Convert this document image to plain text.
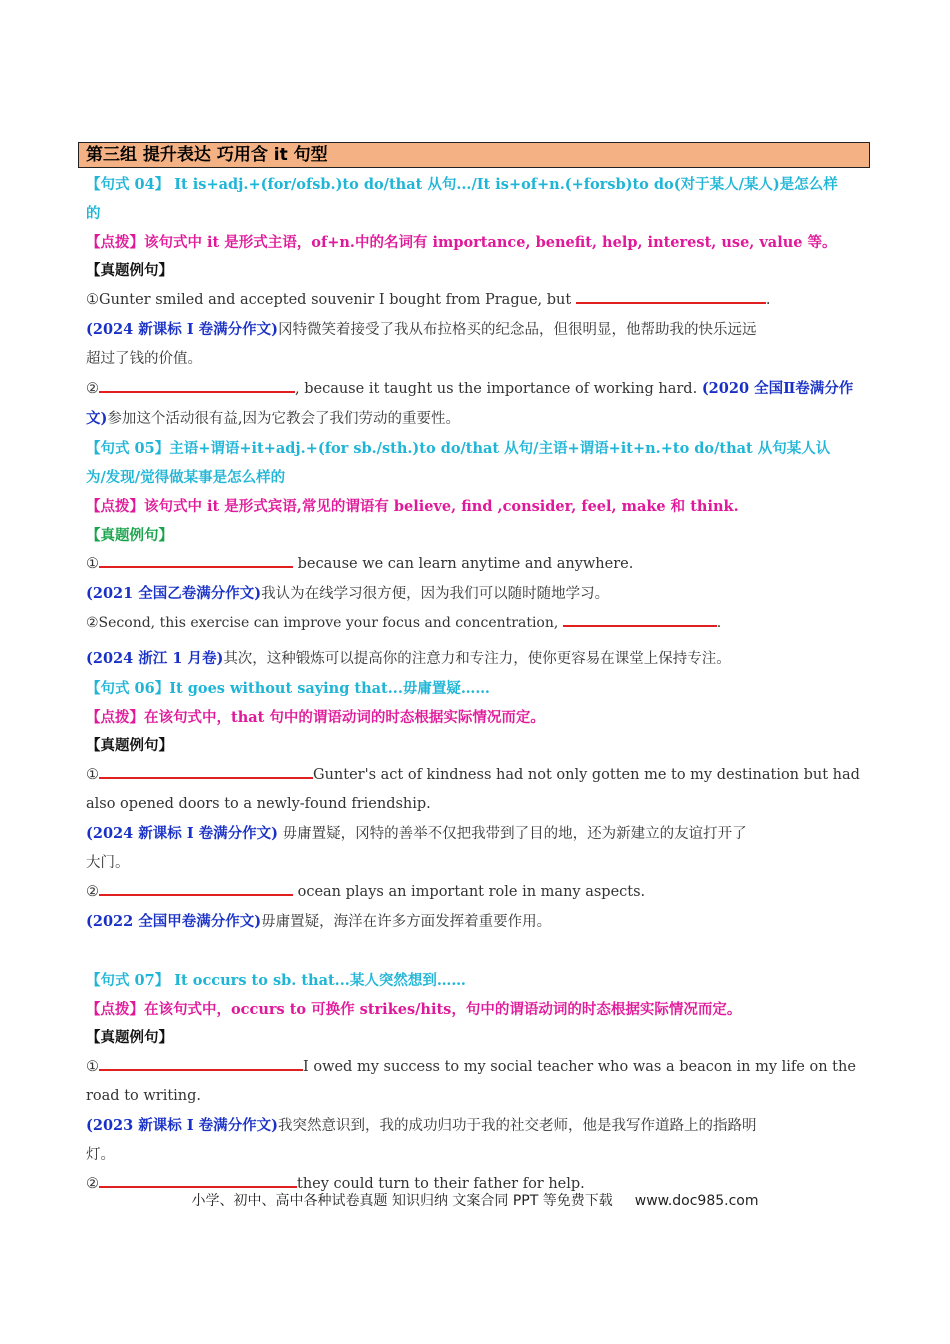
第三组 提升表达 巧用含 it 句型
【句式 04】 It is+adj.+(for/ofsb.)to do/that 从句.../It is+of+n.(+forsb)to do(对于某人/某人)是怎么样
的
【点拨】该句式中 it 是形式主语，of+n.中的名词有 importance, benefit, help, interest, use, value 等。
【真题例句】
①Gunter smiled and accepted souvenir I bought from Prague, but	.
(2024 新课标 I 卷满分作文)冈特微笑着接受了我从布拉格买的纪念品，但很明显，他帮助我的快乐远远
超过了钱的价值。
②	, because it taught us the importance of working hard. (2020 全国Ⅱ卷满分作
文)参加这个活动很有益,因为它教会了我们劳动的重要性。
【句式 05】主语+谓语+it+adj.+(for sb./sth.)to do/that 从句/主语+谓语+it+n.+to do/that 从句某人认
为/发现/觉得做某事是怎么样的
【点拨】该句式中 it 是形式宾语,常见的谓语有 believe, find ,consider, feel, make 和 think.
【真题例句】
①	because we can learn anytime and anywhere.
(2021 全国乙卷满分作文)我认为在线学习很方便，因为我们可以随时随地学习。
②Second, this exercise can improve your focus and concentration,	.
(2024 浙江 1 月卷)其次，这种锻炼可以提高你的注意力和专注力，使你更容易在课堂上保持专注。
【句式 06】It goes without saying that...毋庸置疑……
【点拨】在该句式中，that 句中的谓语动词的时态根据实际情况而定。
【真题例句】
①	Gunter's act of kindness had not only gotten me to my destination but had
also opened doors to a newly-found friendship.
(2024 新课标 I 卷满分作文) 毋庸置疑，冈特的善举不仅把我带到了目的地，还为新建立的友谊打开了
大门。
②	ocean plays an important role in many aspects.
(2022 全国甲卷满分作文)毋庸置疑，海洋在许多方面发挥着重要作用。
【句式 07】 It occurs to sb. that...某人突然想到……
【点拨】在该句式中，occurs to 可换作 strikes/hits，句中的谓语动词的时态根据实际情况而定。
【真题例句】
①	I owed my success to my social teacher who was a beacon in my life on the
road to writing.
(2023 新课标 I 卷满分作文)我突然意识到，我的成功归功于我的社交老师，他是我写作道路上的指路明
灯。
②	they could turn to their father for help.
小学、初中、高中各种试卷真题 知识归纳 文案合同 PPT 等免费下载 www.doc985.com
